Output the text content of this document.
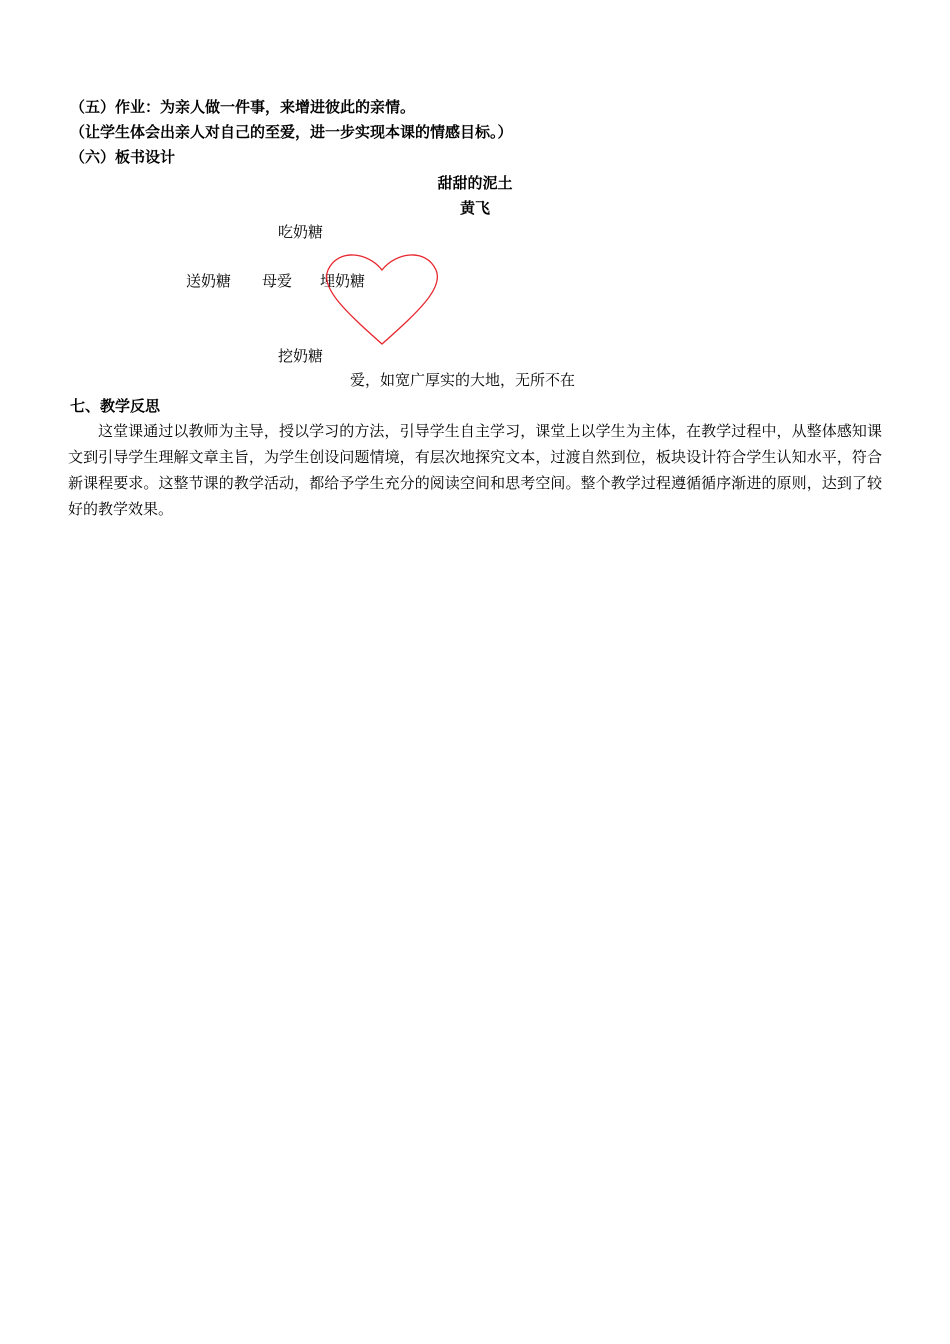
（五）作业：为亲人做一件事，来增进彼此的亲情。
（让学生体会出亲人对自己的至爱，进一步实现本课的情感目标。）
（六）板书设计
甜甜的泥土
黄飞
吃奶糖
送奶糖 母爱 埋奶糖
挖奶糖
爱，如宽广厚实的大地，无所不在
七、教学反思
这堂课通过以教师为主导，授以学习的方法，引导学生自主学习，课堂上以学生为主体，在教学过程中，从整体感知课文到引导学生理解文章主旨，为学生创设问题情境，有层次地探究文本，过渡自然到位，板块设计符合学生认知水平，符合新课程要求。这整节课的教学活动，都给予学生充分的阅读空间和思考空间。整个教学过程遵循循序渐进的原则，达到了较好的教学效果。
